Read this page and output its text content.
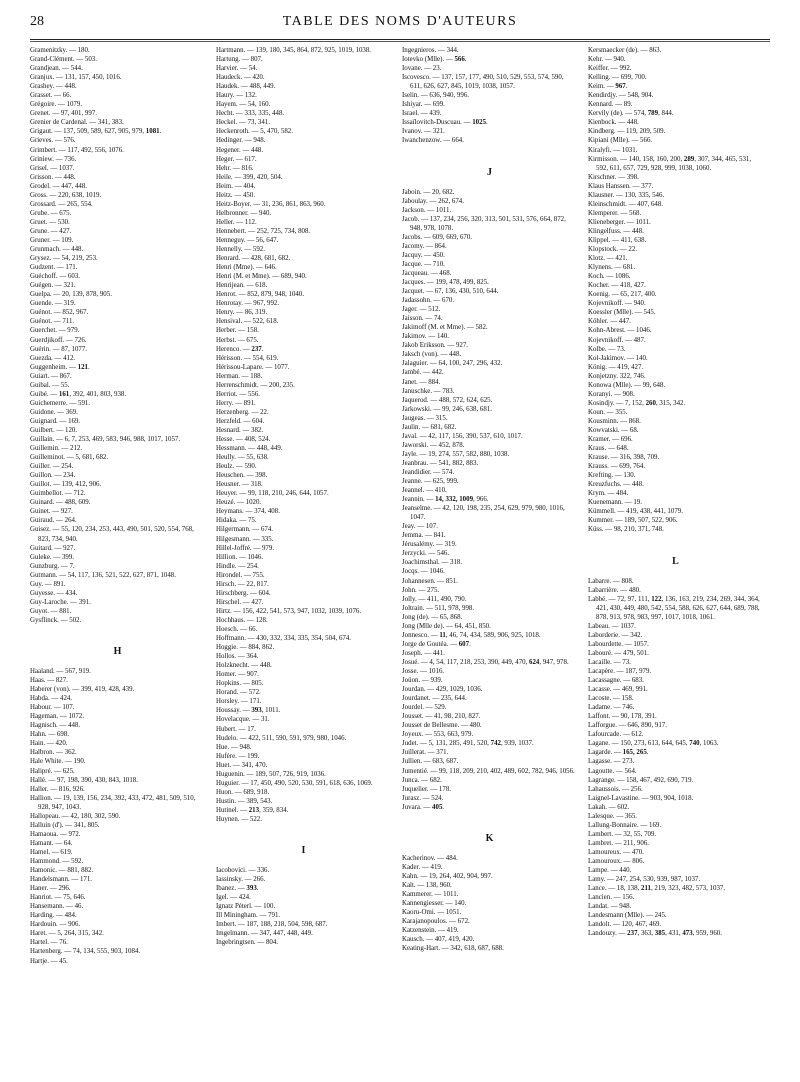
28	TABLE DES NOMS D'AUTEURS
Gramenitzky. — 180.
Grand-Clément. — 503.
Grandjean. — 544.
Granjux. — 131, 157, 450, 1016.
Grashey. — 448.
Grasset. — 66.
Grégoire. — 1079.
Grenet. — 97, 401, 997.
Grenier de Cardenal. — 341, 383.
Grigaut. — 137, 509, 589, 627, 905, 979, 1081.
Grieves. — 576.
Grimbert. — 117, 492, 556, 1076.
Griniew. — 736.
Grisel. — 1037.
Grisson. — 448.
Grodel. — 447, 448.
Gross. — 220, 638, 1019.
Grossard. — 265, 554.
Grube. — 675.
Gruet. — 530.
Grune. — 427.
Gruner. — 109.
Grunmach. — 448.
Grysez. — 54, 219, 253.
Gudzent. — 171.
Guéchoff. — 603.
Guégen. — 321.
Guelpa. — 20, 139, 878, 905.
Guende. — 319.
Guénot. — 852, 967.
Guénot. — 711.
Guerchet. — 979.
Guerdjikoff. — 726.
Guérin. — 87, 1077.
Guezda. — 412.
Guggenheim. — 121.
Guiart. — 867.
Guibal. — 55.
Guibé. — 161, 392, 401, 803, 938.
Guichemerre. — 591.
Guidone. — 369.
Guignard. — 169.
Guilbert. — 120.
Guillain. — 6, 7, 253, 469, 583, 946, 988, 1017, 1057.
Guillemin. — 212.
Guilleminot. — 5, 681, 682.
Guiller. — 254.
Guillon. — 234.
Guillot. — 139, 412, 906.
Guimbellot. — 712.
Guinard. — 488, 609.
Guinet. — 927.
Guiraud. — 264.
Guisez. — 55, 120, 234, 253, 443, 490, 501, 520, 554, 768, 823, 734, 940.
Guitard. — 927.
Guleke. — 399.
Gunzburg. — 7.
Gutmann. — 54, 117, 136, 521, 522, 627, 871, 1048.
Guy. — 891.
Guyesse. — 434.
Guy-Laroche. — 391.
Guyot. — 881.
Gysflinck. — 502.
H
Haaland. — 567, 919.
Haas. — 827.
Haberer (von). — 399, 419, 428, 439.
Habda. — 424.
Habour. — 107.
Hageman. — 1072.
Hagnisch. — 448.
Hahn. — 698.
Hain. — 420.
Halbron. — 362.
Hale White. — 190.
Halipré. — 625.
Hallé. — 97, 198, 390, 430, 843, 1018.
Haller. — 816, 926.
Hallion. — 19, 139, 156, 234, 392, 433, 472, 481, 509, 510, 928, 947, 1043.
Hallopeau. — 42, 180, 302, 590.
Halluin (d'). — 341, 805.
Hamaoua. — 972.
Hamant. — 64.
Hamel. — 619.
Hammond. — 592.
Hamonic. — 881, 882.
Handelsmann. — 171.
Haner. — 296.
Hanriot. — 75, 646.
Hansemann. — 46.
Harding. — 484.
Hardouin. — 906.
Haret. — 5, 264, 315, 342.
Hartel. — 76.
Hartenberg. — 74, 134, 555, 903, 1084.
Hartje. — 45.
Hartmann. — 139, 180, 345, 864, 872, 925, 1019, 1038.
Hartung. — 807.
Harvier. — 54.
Haudeck. — 420.
Haudek. — 488, 449.
Haury. — 132.
Hayem. — 54, 160.
Hecht. — 333, 335, 448.
Heckel. — 73, 341.
Heckenroth. — 5, 470, 582.
Hedinger. — 948.
Hegener. — 448.
Heger. — 617.
Hehr. — 816.
Heile. — 399, 420, 504.
Heim. — 404.
Heitz. — 450.
Heitz-Boyer. — 31, 236, 861, 863, 960.
Helbronner. — 940.
Heller. — 112.
Hennebert. — 252, 725, 734, 808.
Henneguy. — 56, 647.
Hennelly. — 592.
Henrard. — 428, 681, 682.
Henri (Mme). — 646.
Henri (M. et Mme). — 689, 940.
Henrijean. — 618.
Henrot. — 852, 879, 948, 1040.
Henrotay. — 967, 992.
Henry. — 86, 319.
Hensival. — 522, 618.
Herber. — 158.
Herbst. — 675.
Herenco. — 237.
Hérisson. — 554, 619.
Hérissou-Lapare. — 1077.
Herman. — 188.
Herrenschmidt. — 200, 235.
Herriot. — 556.
Herry. — 891.
Herzenberg. — 22.
Herzfeld. — 604.
Hesnard. — 382.
Hesse. — 408, 524.
Hessmann. — 448, 449.
Heully. — 55, 638.
Heulz. — 590.
Heuschen. — 398.
Heusner. — 318.
Heuyer. — 99, 118, 210, 246, 644, 1057.
Heuzé. — 1020.
Heymans. — 374, 408.
Hidaka. — 75.
Hilgermann. — 674.
Hilgesmann. — 335.
Hillel-Joffré. — 979.
Hillion. — 1046.
Hindle. — 254.
Hirondel. — 755.
Hirsch. — 22, 817.
Hirschberg. — 604.
Hirschel. — 427.
Hirtz. — 156, 422, 541, 573, 947, 1032, 1039, 1076.
Hochhaus. — 128.
Hoesch. — 66.
Hoffmann. — 430, 332, 334, 335, 354, 504, 674.
Hoggie. — 884, 862.
Hollos. — 364.
Holzknecht. — 448.
Homer. — 907.
Hopkins. — 805.
Horand. — 572.
Horsley. — 171.
Houssay. — 393, 1011.
Hovelacque. — 31.
Hubert. — 17.
Hudelo. — 422, 511, 590, 591, 979, 980, 1046.
Hue. — 948.
Hufère. — 199.
Huet. — 341, 470.
Huguenin. — 189, 507, 726, 919, 1036.
Huguier. — 17, 450, 490, 520, 530, 591, 618, 636, 1069.
Huon. — 689, 918.
Hustin. — 389, 543.
Hutinel. — 213, 359, 834.
Huynen. — 522.
I
Iacobovici. — 336.
Iassinsky. — 266.
Ibanez. — 393.
Igel. — 424.
Ignatz Péterl. — 100.
Ill Miningham. — 791.
Imbert. — 187, 188, 218, 504, 598, 687.
Imgelmann. — 347, 447, 448, 449.
Ingebringtsen. — 804.
Ingegnieros. — 344.
Iotevko (Mlle). — 566.
Iovane. — 23.
Iscovesco. — 137, 157, 177, 490, 510, 529, 553, 574, 590, 611, 626, 627, 845, 1019, 1038, 1057.
Iselin. — 636, 940, 996.
Ishiyar. — 699.
Israel. — 439.
Issaïlovitch-Duscuau. — 1025.
Ivanov. — 321.
Iwanchenzow. — 664.
J
Jaboin. — 20, 682.
Jaboulay. — 262, 674.
Jackson. — 1011.
Jacob. — 137, 234, 256, 320, 313, 501, 531, 576, 664, 872, 948, 978, 1078.
Jacobs. — 609, 669, 670.
Jacomy. — 864.
Jacquy. — 450.
Jacque. — 710.
Jacqueau. — 468.
Jacques. — 199, 478, 499, 825.
Jacquet. — 67, 136, 430, 510, 644.
Jadassohn. — 670.
Jager. — 512.
Jaisson. — 74.
Jakimoff (M. et Mme). — 582.
Jakimov. — 140.
Jakob Eriksson. — 927.
Jaksch (von). — 448.
Jalaguier. — 64, 100, 247, 296, 432.
Jambé. — 442.
Janet. — 884.
Januschke. — 783.
Jaquerod. — 488, 572, 624, 625.
Jarkowski. — 99, 246, 638, 681.
Jaugeas. — 315.
Jaulin. — 681, 682.
Javal. — 42, 117, 156, 390, 537, 610, 1017.
Jaworski. — 452, 878.
Jayle. — 19, 274, 557, 582, 880, 1038.
Jeanbrau. — 541, 882, 883.
Jeandidier. — 574.
Jeanne. — 625, 999.
Jeannel. — 410.
Jeannin. — 14, 332, 1009, 966.
Jeanselme. — 42, 120, 198, 235, 254, 629, 979, 980, 1016, 1047.
Jeay. — 107.
Jemma. — 841.
Jérusalémy. — 319.
Jerzycki. — 546.
Joachimsthal. — 318.
Jocqs. — 1046.
Johannesen. — 851.
John. — 275.
Jolly. — 411, 490, 790.
Joltrain. — 511, 978, 998.
Jong (de). — 65, 868.
Jong (Mlle de). — 64, 451, 850.
Jonnesco. — 11, 46, 74, 434, 589, 906, 925, 1018.
Jorge de Goutéa. — 607.
Joseph. — 441.
Josué. — 4, 54, 117, 218, 253, 390, 449, 470, 624, 947, 978.
Josse. — 1016.
Joüon. — 939.
Jourdan. — 429, 1029, 1036.
Jourdanet. — 235, 644.
Jourdel. — 529.
Jousset. — 41, 98, 210, 827.
Jousset de Bellesme. — 480.
Joyeux. — 553, 663, 979.
Judet. — 5, 131, 285, 491, 520, 742, 939, 1037.
Juillerat. — 371.
Jullien. — 683, 687.
Jumentié. — 99, 118, 209, 210, 402, 489, 602, 782, 946, 1056.
Junca. — 682.
Juquelier. — 178.
Jurasz. — 524.
Juvara. — 405.
K
Kacherinov. — 484.
Kader. — 419.
Kahn. — 19, 264, 402, 904, 997.
Kalt. — 138, 960.
Kammerer. — 1011.
Kannengiesser. — 140.
Kaoru-Omi. — 1051.
Karajanopoulos. — 672.
Katzenstein. — 419.
Kausch. — 407, 419, 420.
Keating-Hart. — 342, 618, 687, 688.
Kersmaecker (de). — 863.
Kehr. — 940.
Keiffer. — 992.
Kelling. — 699, 700.
Keim. — 967.
Kendirdjy. — 548, 904.
Kennard. — 89.
Kervily (de). — 574, 789, 844.
Kienbock. — 448.
Kindberg. — 119, 209, 509.
Kipiani (Mlle). — 566.
Kiralyfi. — 1031.
Kirmisson. — 140, 158, 160, 200, 289, 307, 344, 465, 531, 592, 611, 657, 729, 928, 999, 1038, 1060.
Kirschner. — 398.
Klaus Hanssen. — 377.
Klausner. — 130, 335, 546.
Kleinschmidt. — 407, 648.
Klemperer. — 568.
Klieneberger. — 1011.
Klingelfuss. — 448.
Klippel. — 411, 638.
Klopstock. — 22.
Klotz. — 421.
Klynens. — 681.
Koch. — 1086.
Kocher. — 418, 427.
Koenig. — 65, 217, 400.
Kojevnikoff. — 940.
Koessler (Mlle). — 545.
Köhler. — 447.
Kohn-Abrest. — 1046.
Kojevnikoff. — 487.
Kolbe. — 73.
Kol-Jakimov. — 140.
König. — 419, 427.
Konjetzny. 322, 746.
Konowa (Mlle). — 99, 648.
Koranyi. — 908.
Kosindjy. — 7, 152, 260, 315, 342.
Koun. — 355.
Kousminn. — 868.
Kowvatski. — 68.
Kramer. — 696.
Kraus. — 648.
Krause. — 316, 398, 709.
Krauss. — 699, 764.
Krefting. — 130.
Kreuzfuchs. — 448.
Krym. — 484.
Kuenemann. — 19.
Kümmell. — 419, 438, 441, 1079.
Kummer. — 189, 507, 522, 906.
Küss. — 98, 210, 371, 748.
L
Labarre. — 808.
Labarrière. — 480.
Labbé. — 72, 97, 111, 122, 136, 163, 219, 234, 269, 344, 364, 421, 430, 449, 480, 542, 554, 588, 626, 627, 644, 689, 788, 878, 913, 978, 983, 997, 1017, 1018, 1061.
Labeau. — 1037.
Laborderie. — 342.
Labourdette. — 1057.
Labouré. — 479, 501.
Lacaille. — 73.
Lacapère. — 187, 979.
Lacassagne. — 683.
Lacasse. — 469, 991.
Lacoste. — 158.
Ladame. — 746.
Laffont. — 90, 178, 391.
Lafforgue. — 646, 890, 917.
Lafourcade. — 612.
Lagane. — 150, 273, 613, 644, 645, 740, 1063.
Lagarde. — 165, 265.
Lagasse. — 273.
Lagoutte. — 564.
Lagrange. — 158, 467, 492, 690, 719.
Lahaussois. — 256.
Laignel-Lavastine. — 903, 904, 1018.
Lakah. — 602.
Lalesque. — 365.
Lallung-Bonnaire. — 169.
Lambert. — 32, 55, 709.
Lambret. — 211, 906.
Lamoureux. — 470.
Lamouroux. — 806.
Lampe. — 440.
Lamy. — 247, 254, 530, 939, 987, 1037.
Lance. — 18, 138, 211, 219, 323, 482, 573, 1037.
Lancien. — 156.
Landat. — 948.
Landesmann (Mlle). — 245.
Landolt. — 120, 467, 469.
Landouzy. — 237, 363, 385, 431, 473, 959, 960.
